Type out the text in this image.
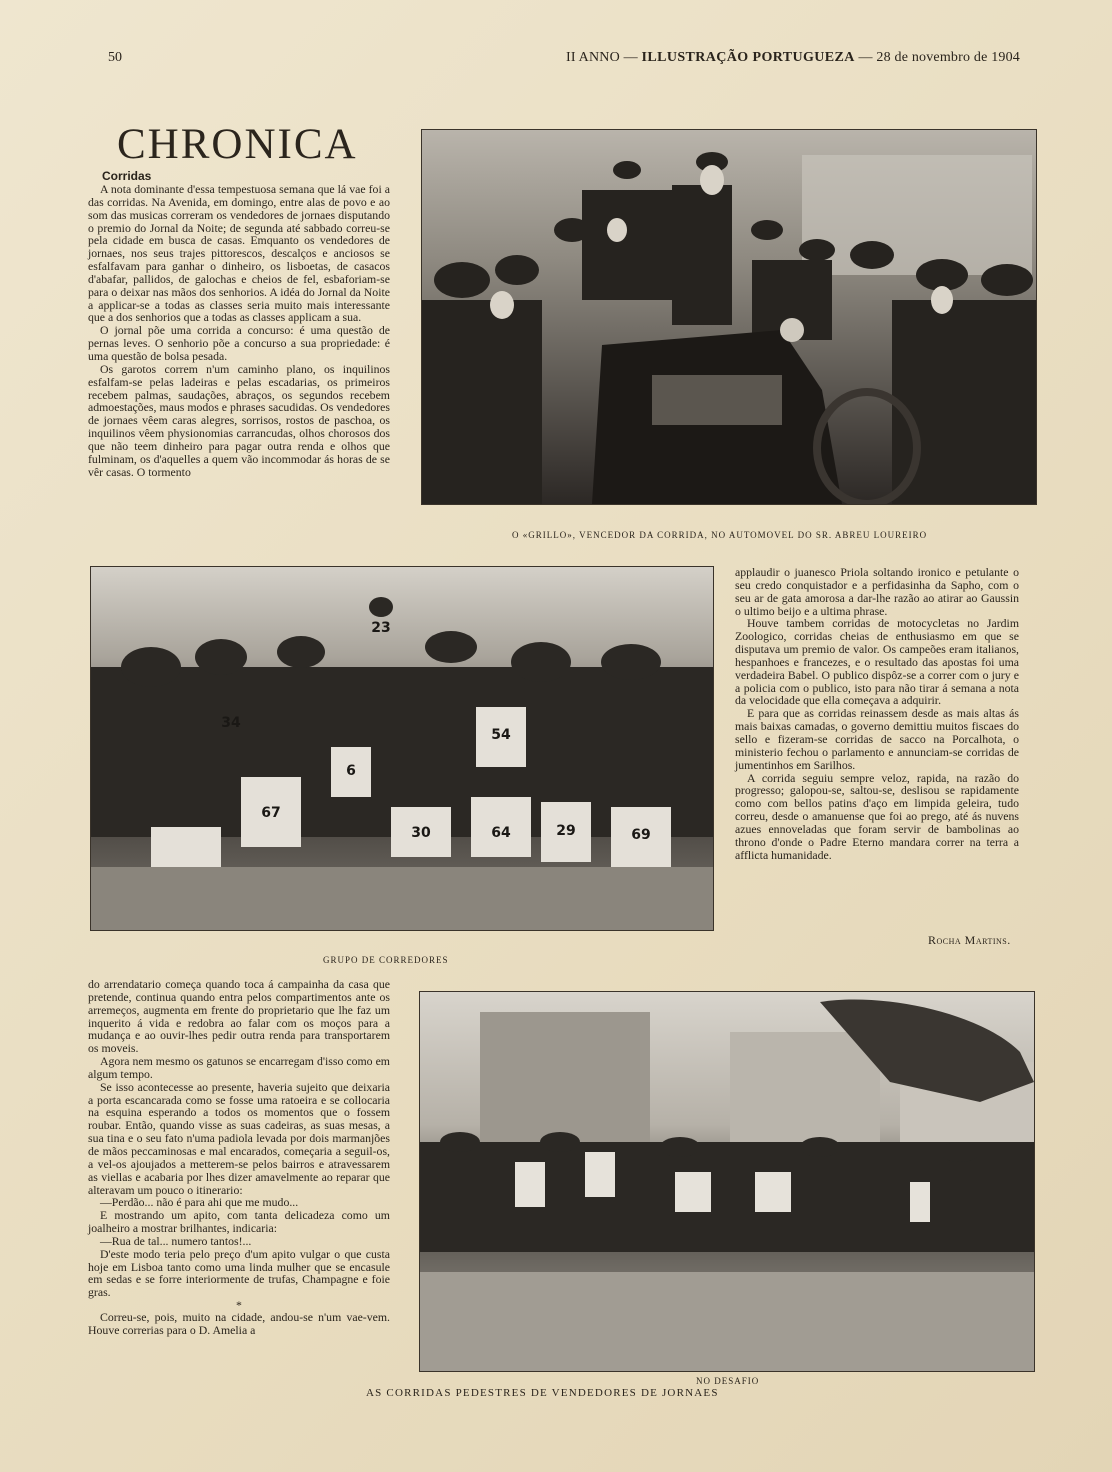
50	II ANNO — ILLUSTRAÇÃO PORTUGUEZA — 28 de novembro de 1904
CHRONICA
Corridas

A nota dominante d'essa tempestuosa semana que lá vae foi a das corridas. Na Avenida, em domingo, entre alas de povo e ao som das musicas correram os vendedores de jornaes disputando o premio do Jornal da Noite; de segunda até sabbado correu-se pela cidade em busca de casas. Emquanto os vendedores de jornaes, nos seus trajes pittorescos, descalços e anciosos se esfalfavam para ganhar o dinheiro, os lisboetas, de casacos d'abafar, pallidos, de galochas e cheios de fel, esbaforiam-se para o deixar nas mãos dos senhorios. A idéa do Jornal da Noite a applicar-se a todas as classes seria muito mais interessante que a dos senhorios que a todas as classes applicam a sua.

O jornal põe uma corrida a concurso: é uma questão de pernas leves. O senhorio põe a concurso a sua propriedade: é uma questão de bolsa pesada.

Os garotos correm n'um caminho plano, os inquilinos esfalfam-se pelas ladeiras e pelas escadarias, os primeiros recebem palmas, saudações, abraços, os segundos recebem admoestações, maus modos e phrases sacudidas. Os vendedores de jornaes vêem caras alegres, sorrisos, rostos de paschoa, os inquilinos vêem physionomias carrancudas, olhos chorosos dos que não teem dinheiro para pagar outra renda e olhos que fulminam, os d'aquelles a quem vão incommodar ás horas de se vêr casas. O tormento

O «GRILLO», VENCEDOR DA CORRIDA, NO AUTOMOVEL DO SR. ABREU LOUREIRO
23
67
30	64	29	69
54
6
34
GRUPO DE CORREDORES

applaudir o juanesco Priola soltando ironico e petulante o seu credo conquistador e a perfidasinha da Sapho, com o seu ar de gata amorosa a dar-lhe razão ao atirar ao Gaussin o ultimo beijo e a ultima phrase.

Houve tambem corridas de motocycletas no Jardim Zoologico, corridas cheias de enthusiasmo em que se disputava um premio de valor. Os campeões eram italianos, hespanhoes e francezes, e o resultado das apostas foi uma verdadeira Babel. O publico dispôz-se a correr com o jury e a policia com o publico, isto para não tirar á semana a nota da velocidade que ella começava a adquirir.

E para que as corridas reinassem desde as mais altas ás mais baixas camadas, o governo demittiu muitos fiscaes do sello e fizeram-se corridas de sacco na Porcalhota, o ministerio fechou o parlamento e annunciam-se corridas de jumentinhos em Sarilhos.

A corrida seguiu sempre veloz, rapida, na razão do progresso; galopou-se, saltou-se, deslisou se rapidamente como com bellos patins d'aço em limpida geleira, tudo correu, desde o amanuense que foi ao prego, até ás nuvens azues ennoveladas que foram servir de bambolinas ao throno d'onde o Padre Eterno mandara correr na terra a afflicta humanidade.

Rocha Martins.

do arrendatario começa quando toca á campainha da casa que pretende, continua quando entra pelos compartimentos ante os arremeços, augmenta em frente do proprietario que lhe faz um inquerito á vida e redobra ao falar com os moços para a mudança e ao ouvir-lhes pedir outra renda para transportarem os moveis.

Agora nem mesmo os gatunos se encarregam d'isso como em algum tempo.

Se isso acontecesse ao presente, haveria sujeito que deixaria a porta escancarada como se fosse uma ratoeira e se collocaria na esquina esperando a todos os momentos que o fossem roubar. Então, quando visse as suas cadeiras, as suas mesas, a sua tina e o seu fato n'uma padiola levada por dois marmanjões de mãos peccaminosas e mal encarados, começaria a seguil-os, a vel-os ajoujados a metterem-se pelos bairros e atravessarem as viellas e acabaria por lhes dizer amavelmente ao reparar que alteravam um pouco o itinerario:

—Perdão... não é para ahi que me mudo...

E mostrando um apito, com tanta delicadeza como um joalheiro a mostrar brilhantes, indicaria:

—Rua de tal... numero tantos!...

D'este modo teria pelo preço d'um apito vulgar o que custa hoje em Lisboa tanto como uma linda mulher que se encasule em sedas e se forre interiormente de trufas, Champagne e foie gras.

*

Correu-se, pois, muito na cidade, andou-se n'um vae-vem. Houve correrias para o D. Amelia a

NO DESAFIO
AS CORRIDAS PEDESTRES DE VENDEDORES DE JORNAES
